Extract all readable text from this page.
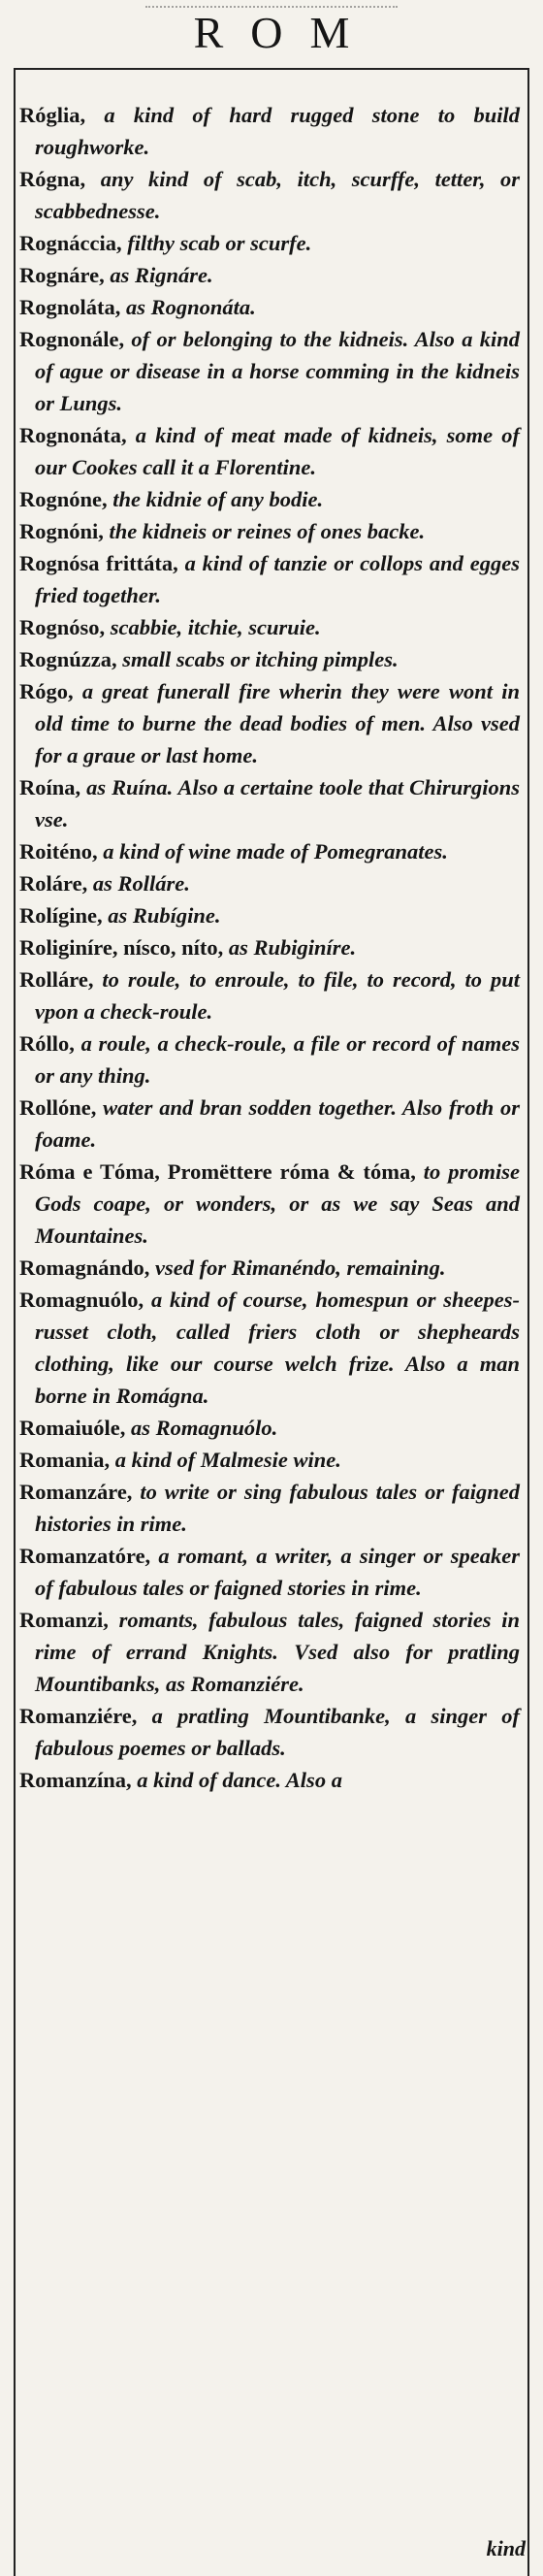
ROM
Róglia, a kind of hard rugged stone to build roughworke.
Rógna, any kind of scab, itch, scurffe, tetter, or scabbednesse.
Rognáccia, filthy scab or scurfe.
Rognáre, as Rignáre.
Rognoláta, as Rognonáta.
Rognonále, of or belonging to the kidneis. Also a kind of ague or disease in a horse comming in the kidneis or Lungs.
Rognonáta, a kind of meat made of kidneis, some of our Cookes call it a Florentine.
Rognóne, the kidnie of any bodie.
Rognóni, the kidneis or reines of ones backe.
Rognósa frittáta, a kind of tanzie or collops and egges fried together.
Rognóso, scabbie, itchie, scuruie.
Rognúzza, small scabs or itching pimples.
Rógo, a great funerall fire wherin they were wont in old time to burne the dead bodies of men. Also vsed for a graue or last home.
Roína, as Ruína. Also a certaine toole that Chirurgions vse.
Roiténo, a kind of wine made of Pomegranates.
Roláre, as Rolláre.
Rolígine, as Rubígine.
Roliginíre, nísco, níto, as Rubiginíre.
Rolláre, to roule, to enroule, to file, to record, to put vpon a check-roule.
Róllo, a roule, a check-roule, a file or record of names or any thing.
Rollóne, water and bran sodden together. Also froth or foame.
Róma e Tóma, Promëttere róma & tóma, to promise Gods coape, or wonders, or as we say Seas and Mountaines.
Romagnándo, vsed for Rimanéndo, remaining.
Romagnuólo, a kind of course, homespun or sheepes-russet cloth, called friers cloth or shepheards clothing, like our course welch frize. Also a man borne in Romágna.
Romaiuóle, as Romagnuólo.
Romania, a kind of Malmesie wine.
Romanzáre, to write or sing fabulous tales or faigned histories in rime.
Romanzatóre, a romant, a writer, a singer or speaker of fabulous tales or faigned stories in rime.
Romanzi, romants, fabulous tales, faigned stories in rime of errand Knights. Vsed also for pratling Mountibanks, as Romanziére.
Romanziére, a pratling Mountibanke, a singer of fabulous poemes or ballads.
Romanzína, a kind of dance. Also a
kind
